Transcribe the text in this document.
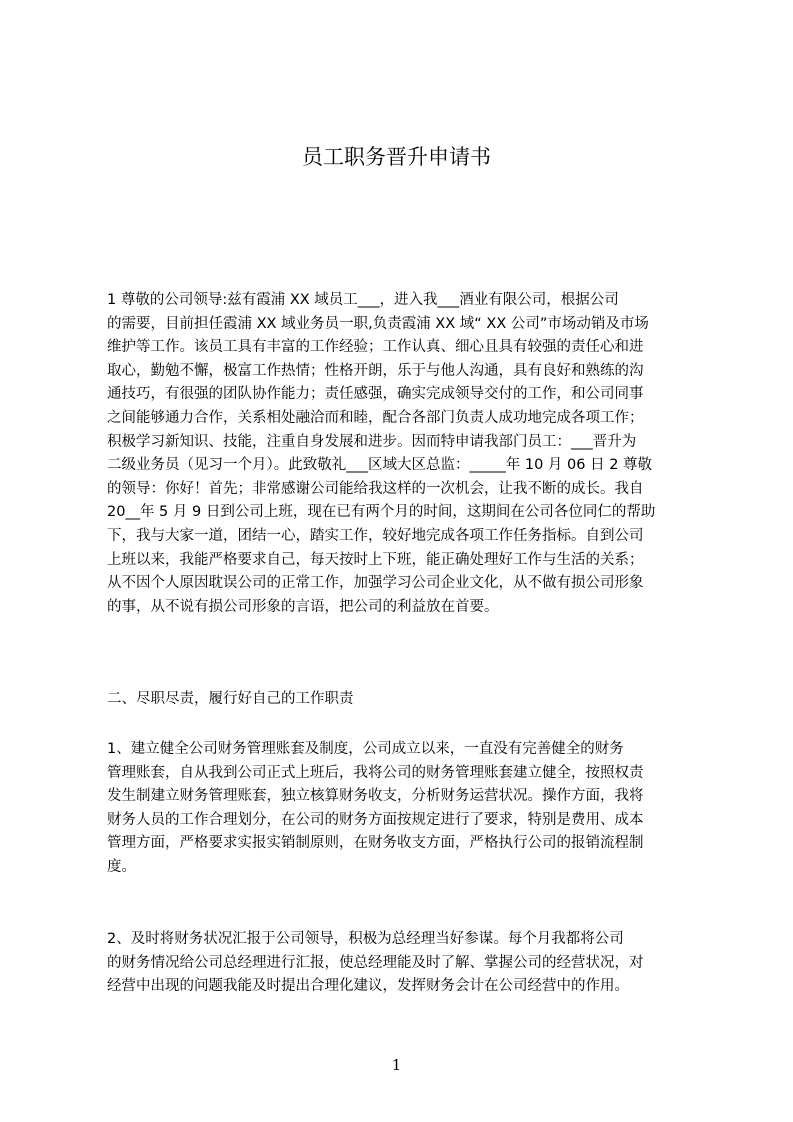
员工职务晋升申请书
1 尊敬的公司领导:兹有霞浦 XX 域员工___，进入我___酒业有限公司，根据公司
的需要，目前担任霞浦 XX 域业务员一职,负责霞浦 XX 域“ XX 公司”市场动销及市场
维护等工作。该员工具有丰富的工作经验；工作认真、细心且具有较强的责任心和进
取心，勤勉不懈，极富工作热情；性格开朗，乐于与他人沟通，具有良好和熟练的沟
通技巧，有很强的团队协作能力；责任感强，确实完成领导交付的工作，和公司同事
之间能够通力合作，关系相处融洽而和睦，配合各部门负责人成功地完成各项工作；
积极学习新知识、技能，注重自身发展和进步。因而特申请我部门员工：___晋升为
二级业务员（见习一个月）。此致敬礼___区域大区总监：_____年 10 月 06 日 2 尊敬
的领导：你好！首先；非常感谢公司能给我这样的一次机会，让我不断的成长。我自
20__年 5 月 9 日到公司上班，现在已有两个月的时间，这期间在公司各位同仁的帮助
下，我与大家一道，团结一心，踏实工作，较好地完成各项工作任务指标。自到公司
上班以来，我能严格要求自己，每天按时上下班，能正确处理好工作与生活的关系；
从不因个人原因耽误公司的正常工作，加强学习公司企业文化，从不做有损公司形象
的事，从不说有损公司形象的言语，把公司的利益放在首要。
二、尽职尽责，履行好自己的工作职责
1、建立健全公司财务管理账套及制度，公司成立以来，一直没有完善健全的财务
管理账套，自从我到公司正式上班后，我将公司的财务管理账套建立健全，按照权责
发生制建立财务管理账套，独立核算财务收支，分析财务运营状况。操作方面，我将
财务人员的工作合理划分，在公司的财务方面按规定进行了要求，特别是费用、成本
管理方面，严格要求实报实销制原则，在财务收支方面，严格执行公司的报销流程制
度。
2、及时将财务状况汇报于公司领导，积极为总经理当好参谋。每个月我都将公司
的财务情况给公司总经理进行汇报，使总经理能及时了解、掌握公司的经营状况，对
经营中出现的问题我能及时提出合理化建议，发挥财务会计在公司经营中的作用。
1
